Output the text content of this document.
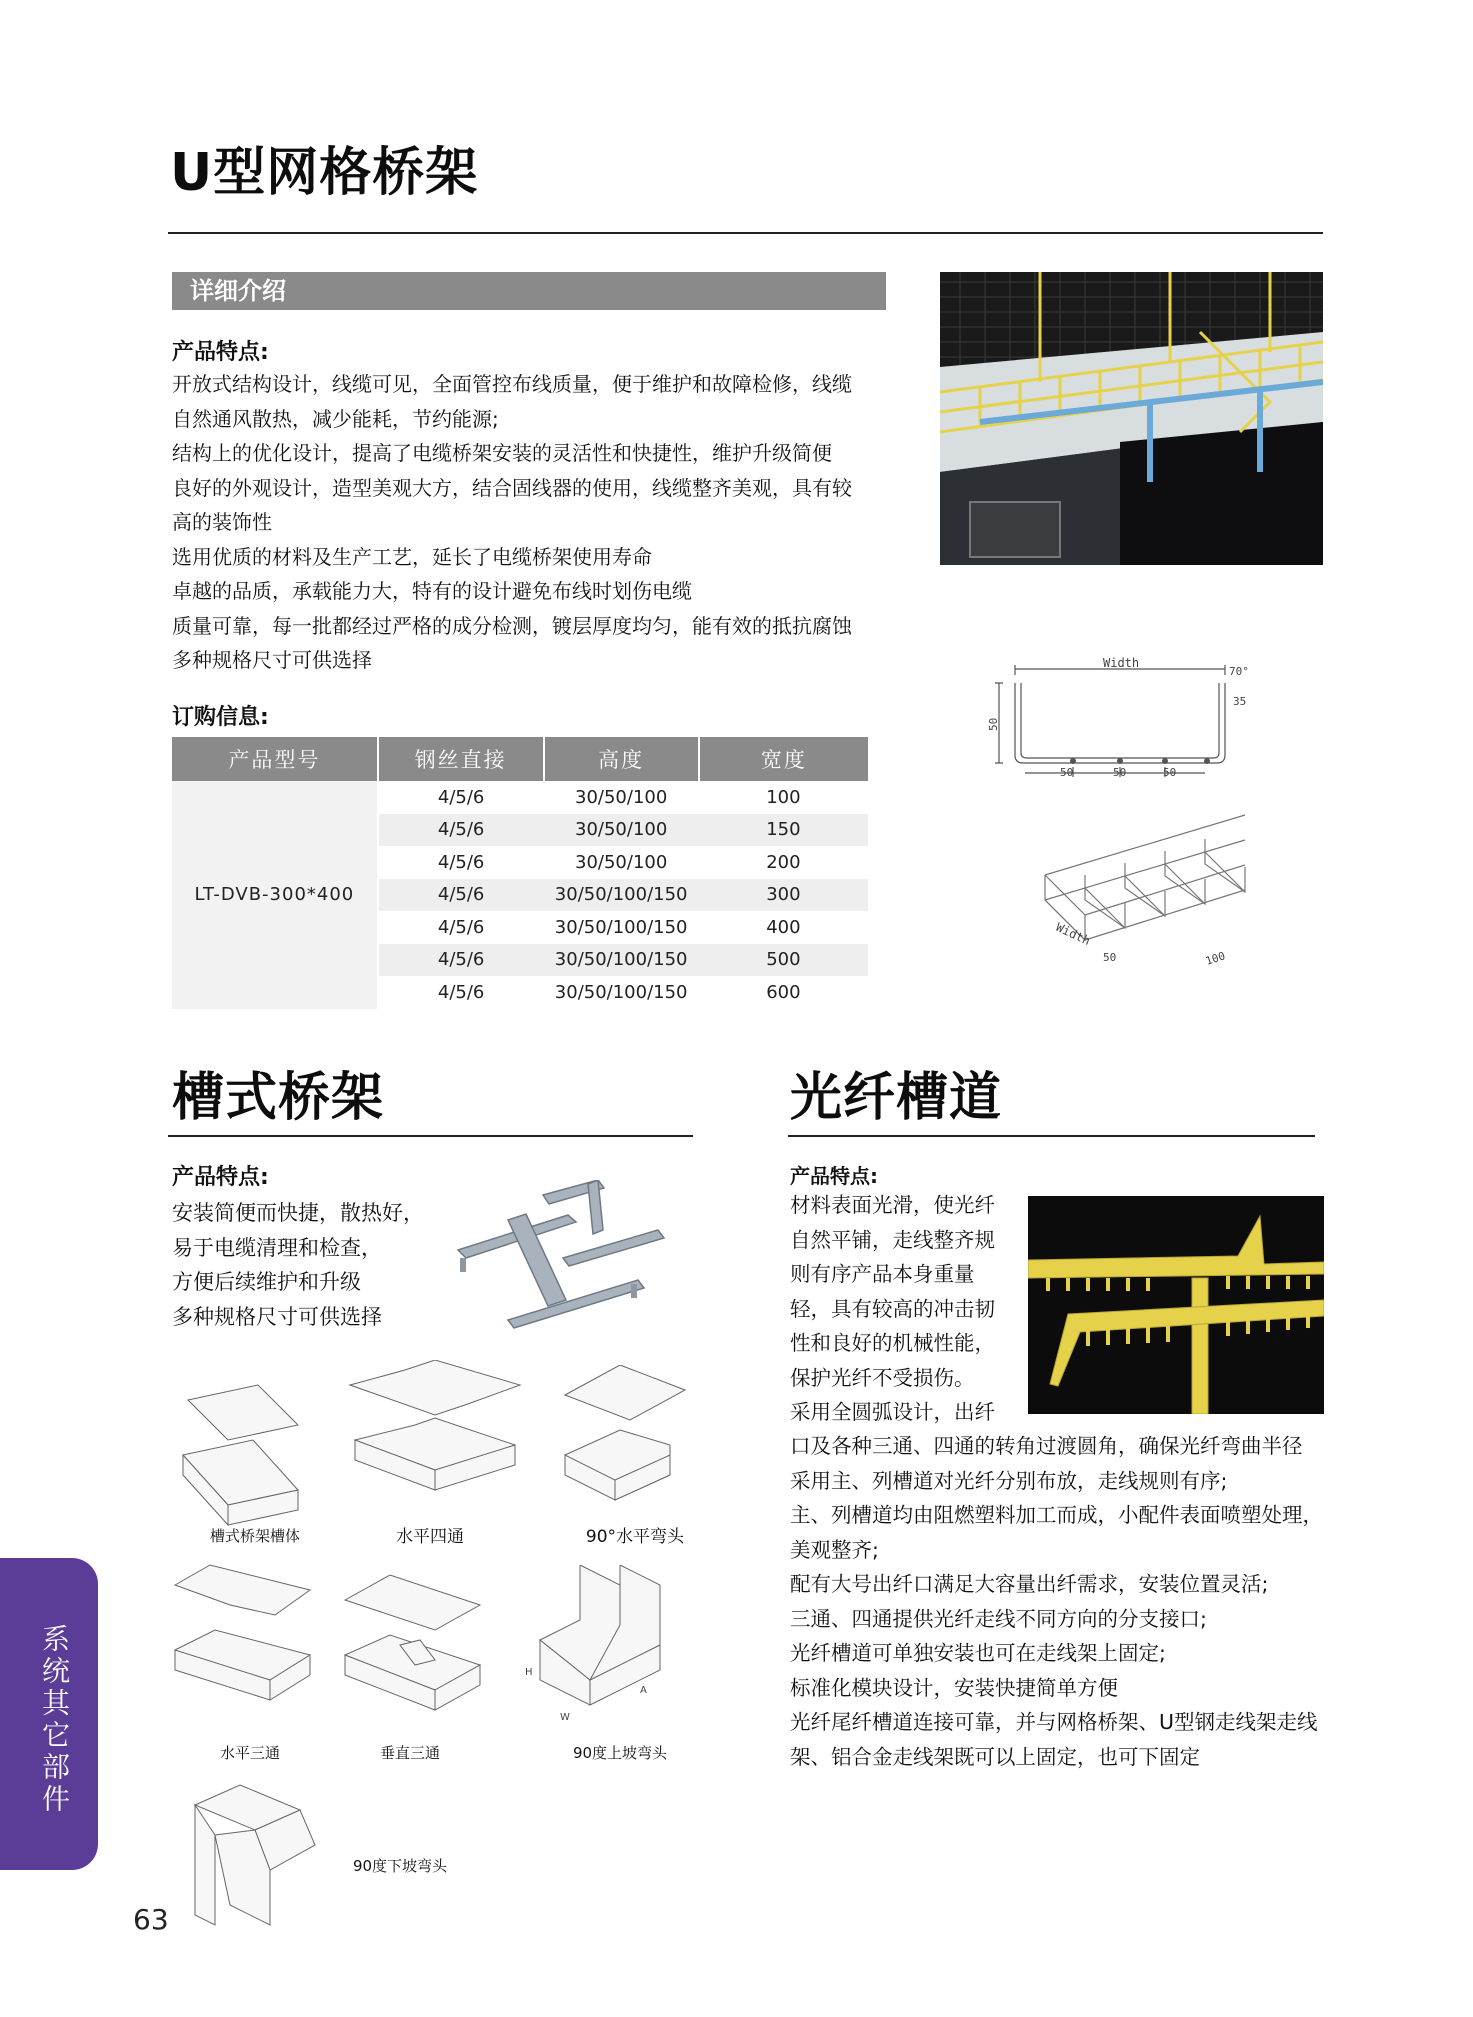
U型网格桥架
详细介绍
产品特点:
开放式结构设计，线缆可见，全面管控布线质量，便于维护和故障检修，线缆
自然通风散热，减少能耗，节约能源;
结构上的优化设计，提高了电缆桥架安装的灵活性和快捷性，维护升级简便
良好的外观设计，造型美观大方，结合固线器的使用，线缆整齐美观，具有较
高的装饰性
选用优质的材料及生产工艺，延长了电缆桥架使用寿命
卓越的品质，承载能力大，特有的设计避免布线时划伤电缆
质量可靠，每一批都经过严格的成分检测，镀层厚度均匀，能有效的抵抗腐蚀
多种规格尺寸可供选择
订购信息:
产品型号	钢丝直接	高度	宽度
LT-DVB-300*400	4/5/6	30/50/100	100
	4/5/6	30/50/100	150
	4/5/6	30/50/100	200
	4/5/6	30/50/100/150	300
	4/5/6	30/50/100/150	400
	4/5/6	30/50/100/150	500
	4/5/6	30/50/100/150	600
Width
50
70°
35
50	50	50
Width
50	100
槽式桥架
产品特点:
安装简便而快捷，散热好，
易于电缆清理和检查，
方便后续维护和升级
多种规格尺寸可供选择
槽式桥架槽体	水平四通	90°水平弯头
水平三通	垂直三通
H
W
A
90度上坡弯头
90度下坡弯头
光纤槽道
产品特点:
材料表面光滑，使光纤
自然平铺，走线整齐规
则有序产品本身重量
轻，具有较高的冲击韧
性和良好的机械性能，
保护光纤不受损伤。
采用全圆弧设计，出纤
口及各种三通、四通的转角过渡圆角，确保光纤弯曲半径
采用主、列槽道对光纤分别布放，走线规则有序;
主、列槽道均由阻燃塑料加工而成，小配件表面喷塑处理，
美观整齐;
配有大号出纤口满足大容量出纤需求，安装位置灵活;
三通、四通提供光纤走线不同方向的分支接口;
光纤槽道可单独安装也可在走线架上固定;
标准化模块设计，安装快捷简单方便
光纤尾纤槽道连接可靠，并与网格桥架、U型钢走线架走线
架、铝合金走线架既可以上固定，也可下固定
系统其它部件
63
